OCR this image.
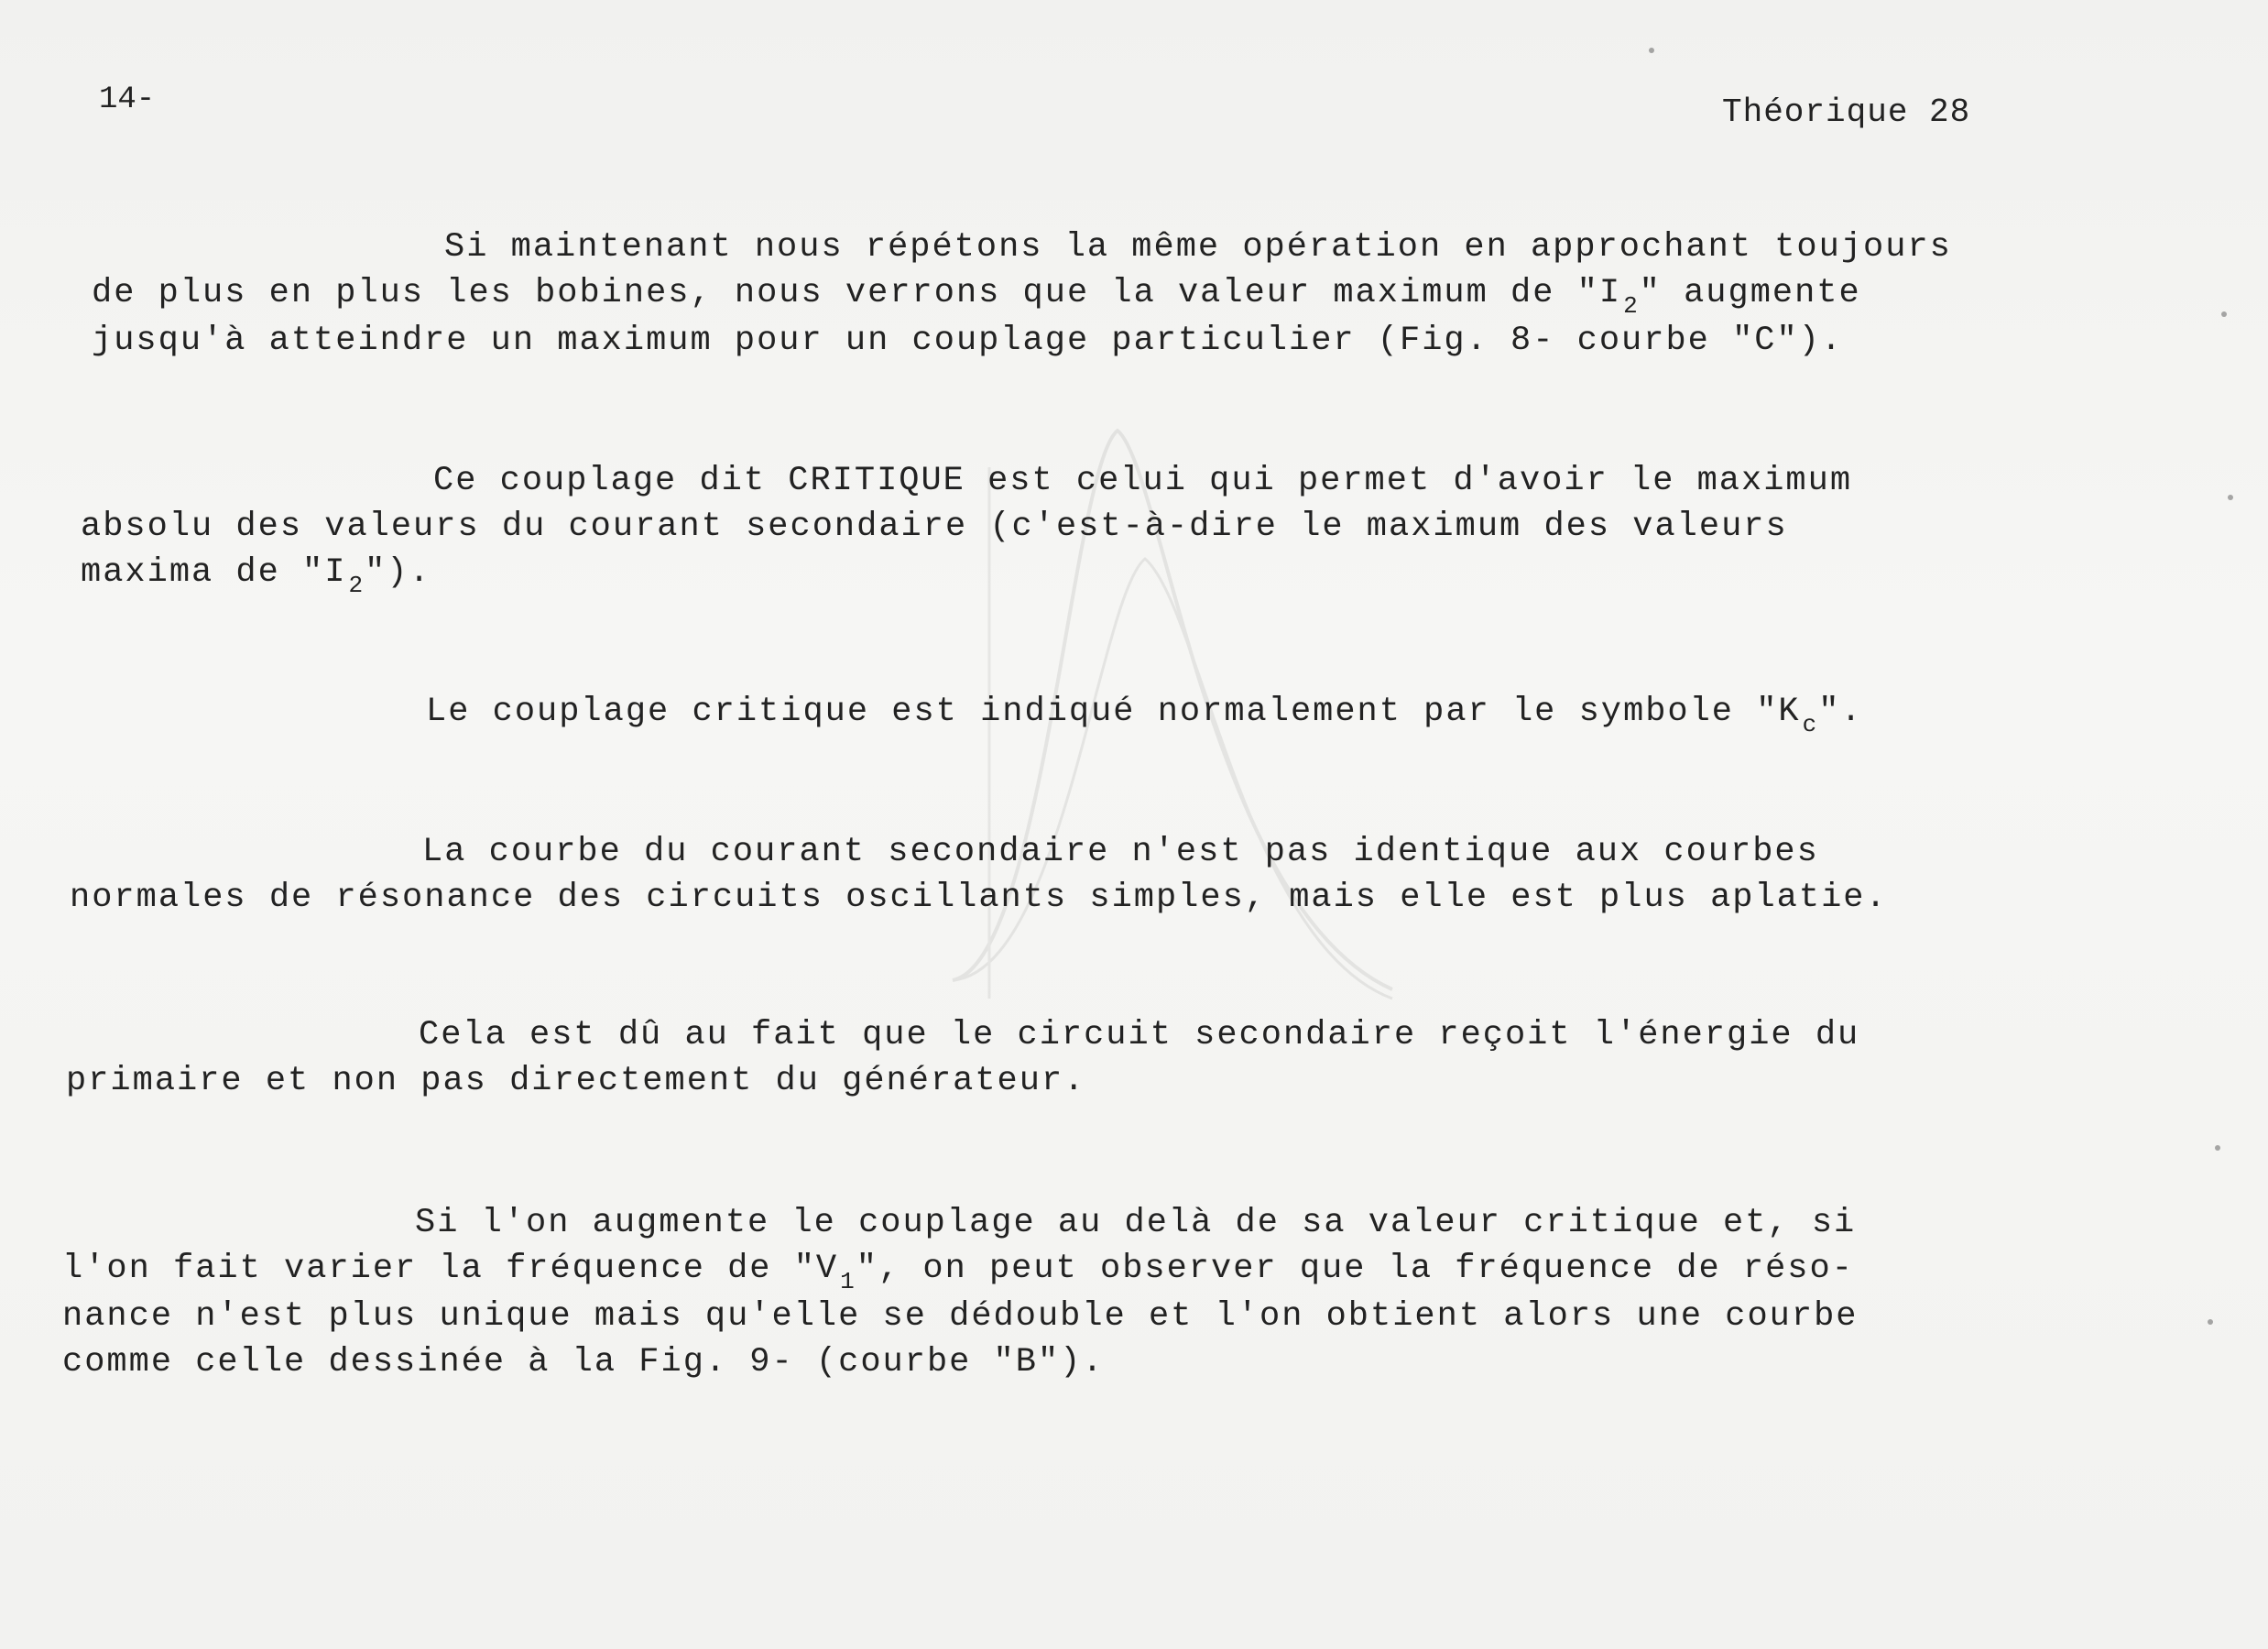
14-	Théorique 28
Si maintenant nous répétons la même opération en approchant toujours
de plus en plus les bobines, nous verrons que la valeur maximum de "$I_2$" augmente
jusqu'à atteindre un maximum pour un couplage particulier (Fig. 8- courbe "C").
Ce couplage dit CRITIQUE est celui qui permet d'avoir le maximum
absolu des valeurs du courant secondaire (c'est-à-dire le maximum des valeurs
maxima de "$I_2$").
Le couplage critique est indiqué normalement par le symbole "$K_c$".
La courbe du courant secondaire n'est pas identique aux courbes
normales de résonance des circuits oscillants simples, mais elle est plus aplatie.
Cela est dû au fait que le circuit secondaire reçoit l'énergie du
primaire et non pas directement du générateur.
Si l'on augmente le couplage au delà de sa valeur critique et, si
l'on fait varier la fréquence de "$V_1$", on peut observer que la fréquence de réso-
nance n'est plus unique mais qu'elle se dédouble et l'on obtient alors une courbe
comme celle dessinée à la Fig. 9- (courbe "B").
